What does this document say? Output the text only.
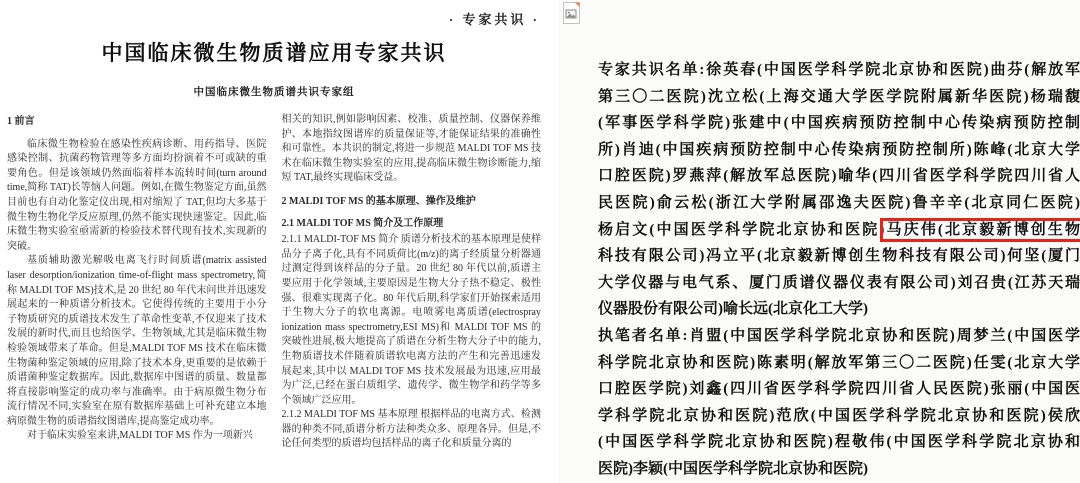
· 专家共识 ·
中国临床微生物质谱应用专家共识
中国临床微生物质谱共识专家组
1 前言

临床微生物检验在感染性疾病诊断、用药指导、医院感染控制、抗菌药物管理等多方面均扮演着不可或缺的重要角色。但是该领域仍然面临着样本流转时间(turn around time,简称 TAT)长等恼人问题。例如,在微生物鉴定方面,虽然目前也有自动化鉴定仪出现,相对缩短了 TAT,但均大多基于微生物生物化学反应原理,仍然不能实现快速鉴定。因此,临床微生物实验室亟需新的检验技术替代现有技术,实现新的突破。

基质辅助激光解吸电离飞行时间质谱(matrix assisted laser desorption/ionization time-of-flight mass spectrometry,简称 MALDI TOF MS)技术,是 20 世纪 80 年代末问世并迅速发展起来的一种质谱分析技术。它使得传统的主要用于小分子物质研究的质谱技术发生了革命性变革,不仅迎来了技术发展的新时代,而且也给医学、生物领域,尤其是临床微生物检验领域带来了革命。但是,MALDI TOF MS 技术在临床微生物菌种鉴定领域的应用,除了技术本身,更重要的是依赖于质谱菌种鉴定数据库。因此,数据库中图谱的质量、数量都将直接影响鉴定的成功率与准确率。由于病原微生物分布流行情况不同,实验室在原有数据库基础上可补充建立本地病原微生物的质谱指纹图谱库,提高鉴定成功率。

对于临床实验室来讲,MALDI TOF MS 作为一项新兴

相关的知识,例如影响因素、校准、质量控制、仪器保养维护、本地指纹图谱库的质量保证等,才能保证结果的准确性和可靠性。本共识的制定,将进一步规范 MALDI TOF MS 技术在临床微生物实验室的应用,提高临床微生物诊断能力,缩短 TAT,最终实现临床受益。

2 MALDI TOF MS 的基本原理、操作及维护
2.1 MALDI TOF MS 简介及工作原理

2.1.1 MALDI-TOF MS 简介 质谱分析技术的基本原理是使样品分子离子化,具有不同质荷比(m/z)的离子经质量分析器通过测定得到该样品的分子量。20 世纪 80 年代以前,质谱主要应用于化学领域,主要原因是生物大分子热不稳定、极性强、很难实现离子化。80 年代后期,科学家们开始探索适用于生物大分子的软电离源。电喷雾电离质谱(electrospray ionization mass spectrometry,ESI MS)和 MALDI TOF MS 的突破性进展,极大地提高了质谱在分析生物大分子中的能力,生物质谱技术伴随着质谱软电离方法的产生和完善迅速发展起来,其中以 MALDI TOF MS 技术发展最为迅速,应用最为广泛,已经在蛋白质组学、遗传学、微生物学和药学等多个领域广泛应用。

2.1.2 MALDI TOF MS 基本原理 根据样品的电离方式、检测器的种类不同,质谱分析方法种类众多、原理各异。但是,不论任何类型的质谱均包括样品的离子化和质量分离的

专家共识名单:徐英春(中国医学科学院北京协和医院)曲芬(解放军
第三〇二医院)沈立松(上海交通大学医学院附属新华医院)杨瑞馥
(军事医学科学院)张建中(中国疾病预防控制中心传染病预防控制
所)肖迪(中国疾病预防控制中心传染病预防控制所)陈峰(北京大学
口腔医院)罗燕萍(解放军总医院)喻华(四川省医学科学院四川省人
民医院)俞云松(浙江大学附属邵逸夫医院)鲁辛辛(北京同仁医院)
杨启文(中国医学科学院北京协和医院)马庆伟(北京毅新博创生物
科技有限公司)冯立平(北京毅新博创生物科技有限公司)何坚(厦门
大学仪器与电气系、厦门质谱仪器仪表有限公司)刘召贵(江苏天瑞
仪器股份有限公司)喻长远(北京化工大学)
执笔者名单:肖盟(中国医学科学院北京协和医院)周梦兰(中国医学
科学院北京协和医院)陈素明(解放军第三〇二医院)任雯(北京大学
口腔医学院)刘鑫(四川省医学科学院四川省人民医院)张丽(中国医
学科学院北京协和医院)范欣(中国医学科学院北京协和医院)侯欣
(中国医学科学院北京协和医院)程敬伟(中国医学科学院北京协和
医院)李颖(中国医学科学院北京协和医院)
